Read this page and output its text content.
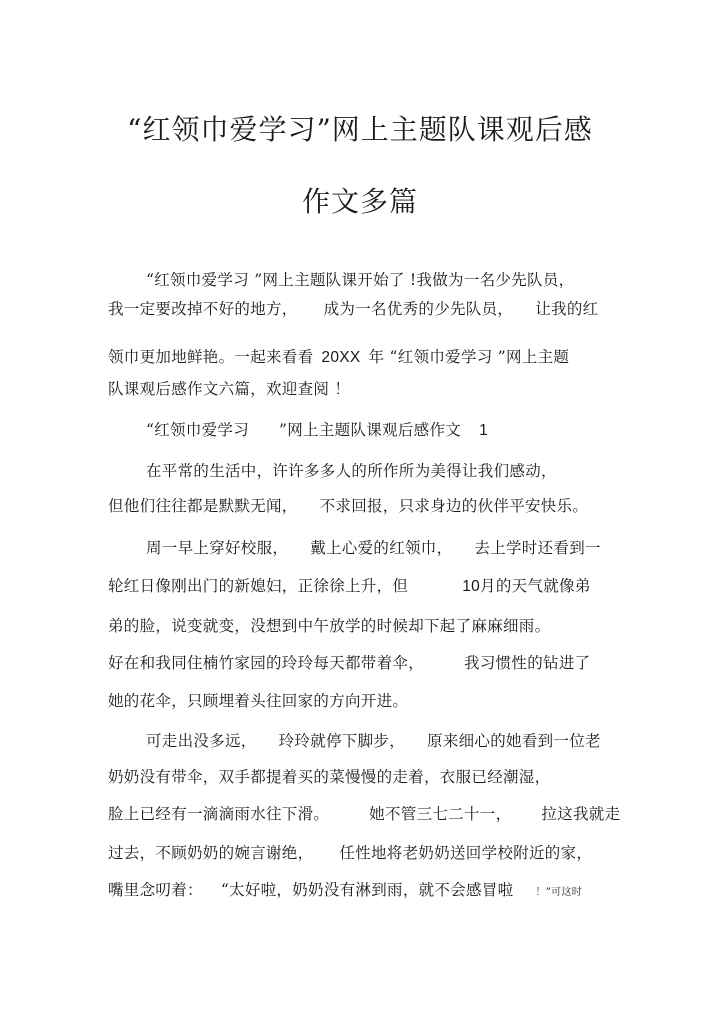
“红领巾爱学习”网上主题队课观后感
作文多篇
“红领巾爱学习 ”网上主题队课开始了 !我做为一名少先队员，
我一定要改掉不好的地方， 成为一名优秀的少先队员， 让我的红
领巾更加地鲜艳。一起来看看 20XX 年 “红领巾爱学习 ”网上主题
队课观后感作文六篇，欢迎查阅 ！
“红领巾爱学习 ”网上主题队课观后感作文 1
在平常的生活中，许许多多人的所作所为美得让我们感动，
但他们往往都是默默无闻， 不求回报，只求身边的伙伴平安快乐。
周一早上穿好校服， 戴上心爱的红领巾， 去上学时还看到一
轮红日像刚出门的新媳妇，正徐徐上升，但	10月的天气就像弟
弟的脸，说变就变，没想到中午放学的时候却下起了麻麻细雨。
好在和我同住楠竹家园的玲玲每天都带着伞，	我习惯性的钻进了
她的花伞，只顾埋着头往回家的方向开进。
可走出没多远， 玲玲就停下脚步， 原来细心的她看到一位老
奶奶没有带伞，双手都提着买的菜慢慢的走着，衣服已经潮湿，
脸上已经有一滴滴雨水往下滑。	她不管三七二十一， 拉这我就走
过去，不顾奶奶的婉言谢绝， 任性地将老奶奶送回学校附近的家，
嘴里念叨着： “太好啦，奶奶没有淋到雨，就不会感冒啦 ！”可这时
